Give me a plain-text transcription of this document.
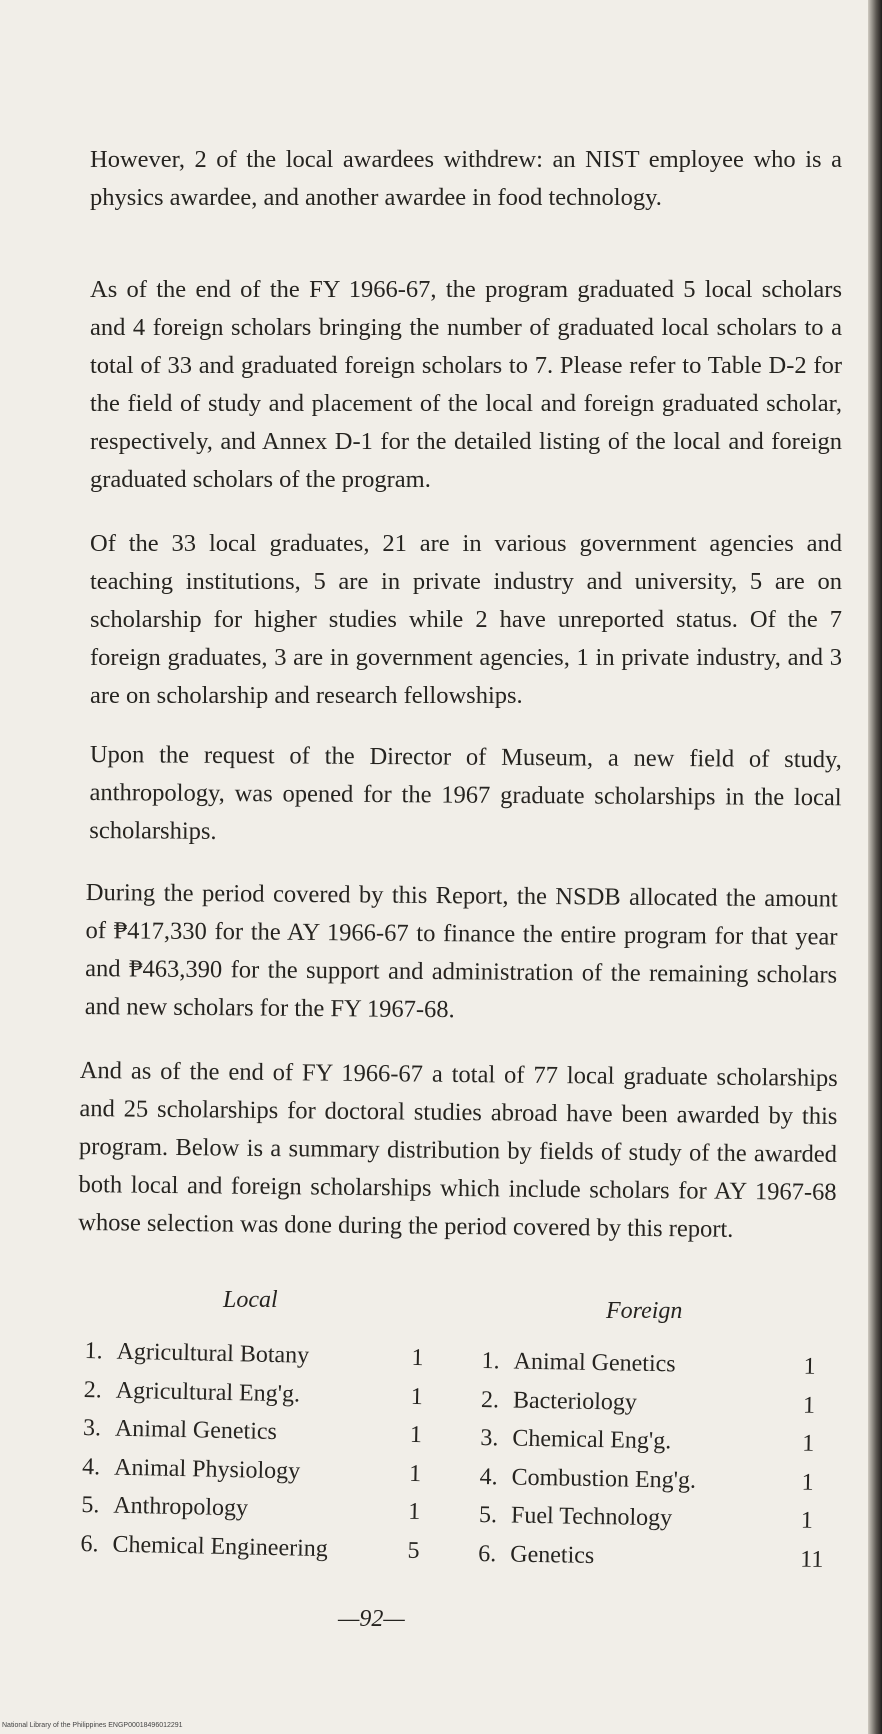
However, 2 of the local awardees withdrew: an NIST employee who is a physics awardee, and another awardee in food technology.

As of the end of the FY 1966-67, the program graduated 5 local scholars and 4 foreign scholars bringing the number of graduated local scholars to a total of 33 and graduated foreign scholars to 7. Please refer to Table D-2 for the field of study and placement of the local and foreign graduated scholar, respectively, and Annex D-1 for the detailed listing of the local and foreign graduated scholars of the program.

Of the 33 local graduates, 21 are in various government agencies and teaching institutions, 5 are in private industry and university, 5 are on scholarship for higher studies while 2 have unreported status. Of the 7 foreign graduates, 3 are in government agencies, 1 in private industry, and 3 are on scholarship and research fellowships.

Upon the request of the Director of Museum, a new field of study, anthropology, was opened for the 1967 graduate scholarships in the local scholarships.

During the period covered by this Report, the NSDB allocated the amount of ₱417,330 for the AY 1966-67 to finance the entire program for that year and ₱463,390 for the support and administration of the remaining scholars and new scholars for the FY 1967-68.

And as of the end of FY 1966-67 a total of 77 local graduate scholarships and 25 scholarships for doctoral studies abroad have been awarded by this program. Below is a summary distribution by fields of study of the awarded both local and foreign scholarships which include scholars for AY 1967-68 whose selection was done during the period covered by this report.

Local	Foreign
1. Agricultural Botany	1
2. Agricultural Eng'g.	1
3. Animal Genetics	1
4. Animal Physiology	1
5. Anthropology	1
6. Chemical Engineering	5
1. Animal Genetics	1
2. Bacteriology	1
3. Chemical Eng'g.	1
4. Combustion Eng'g.	1
5. Fuel Technology	1
6. Genetics	11
—92—
National Library of the Philippines ENGP00018496012291
